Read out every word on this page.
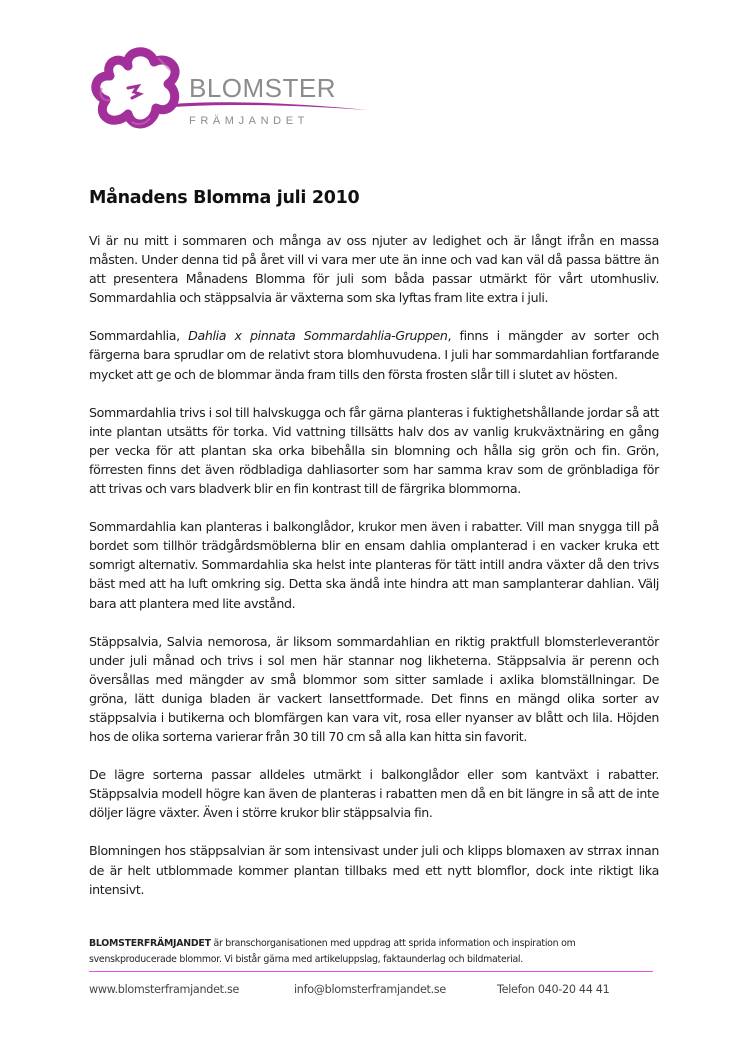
BLOMSTER
FRÄMJANDET
Månadens Blomma juli 2010

Vi är nu mitt i sommaren och många av oss njuter av ledighet och är långt ifrån en massa måsten. Under denna tid på året vill vi vara mer ute än inne och vad kan väl då passa bättre än att presentera Månadens Blomma för juli som båda passar utmärkt för vårt utomhusliv. Sommardahlia och stäppsalvia är växterna som ska lyftas fram lite extra i juli.

Sommardahlia, Dahlia x pinnata Sommardahlia-Gruppen, finns i mängder av sorter och färgerna bara sprudlar om de relativt stora blomhuvudena. I juli har sommardahlian fortfarande mycket att ge och de blommar ända fram tills den första frosten slår till i slutet av hösten.

Sommardahlia trivs i sol till halvskugga och får gärna planteras i fuktighetshållande jordar så att inte plantan utsätts för torka. Vid vattning tillsätts halv dos av vanlig krukväxtnäring en gång per vecka för att plantan ska orka bibehålla sin blomning och hålla sig grön och fin. Grön, förresten finns det även rödbladiga dahliasorter som har samma krav som de grönbladiga för att trivas och vars bladverk blir en fin kontrast till de färgrika blommorna.

Sommardahlia kan planteras i balkonglådor, krukor men även i rabatter. Vill man snygga till på bordet som tillhör trädgårdsmöblerna blir en ensam dahlia omplanterad i en vacker kruka ett somrigt alternativ. Sommardahlia ska helst inte planteras för tätt intill andra växter då den trivs bäst med att ha luft omkring sig. Detta ska ändå inte hindra att man samplanterar dahlian. Välj bara att plantera med lite avstånd.

Stäppsalvia, Salvia nemorosa, är liksom sommardahlian en riktig praktfull blomsterleverantör under juli månad och trivs i sol men här stannar nog likheterna. Stäppsalvia är perenn och översållas med mängder av små blommor som sitter samlade i axlika blomställningar. De gröna, lätt duniga bladen är vackert lansettformade. Det finns en mängd olika sorter av stäppsalvia i butikerna och blomfärgen kan vara vit, rosa eller nyanser av blått och lila. Höjden hos de olika sorterna varierar från 30 till 70 cm så alla kan hitta sin favorit.

De lägre sorterna passar alldeles utmärkt i balkonglådor eller som kantväxt i rabatter. Stäppsalvia modell högre kan även de planteras i rabatten men då en bit längre in så att de inte döljer lägre växter. Även i större krukor blir stäppsalvia fin.

Blomningen hos stäppsalvian är som intensivast under juli och klipps blomaxen av strrax innan de är helt utblommade kommer plantan tillbaks med ett nytt blomflor, dock inte riktigt lika intensivt.

BLOMSTERFRÄMJANDET är branschorganisationen med uppdrag att sprida information och inspiration om svenskproducerade blommor. Vi bistår gärna med artikeluppslag, faktaunderlag och bildmaterial.
www.blomsterframjandet.se	info@blomsterframjandet.se	Telefon 040-20 44 41
